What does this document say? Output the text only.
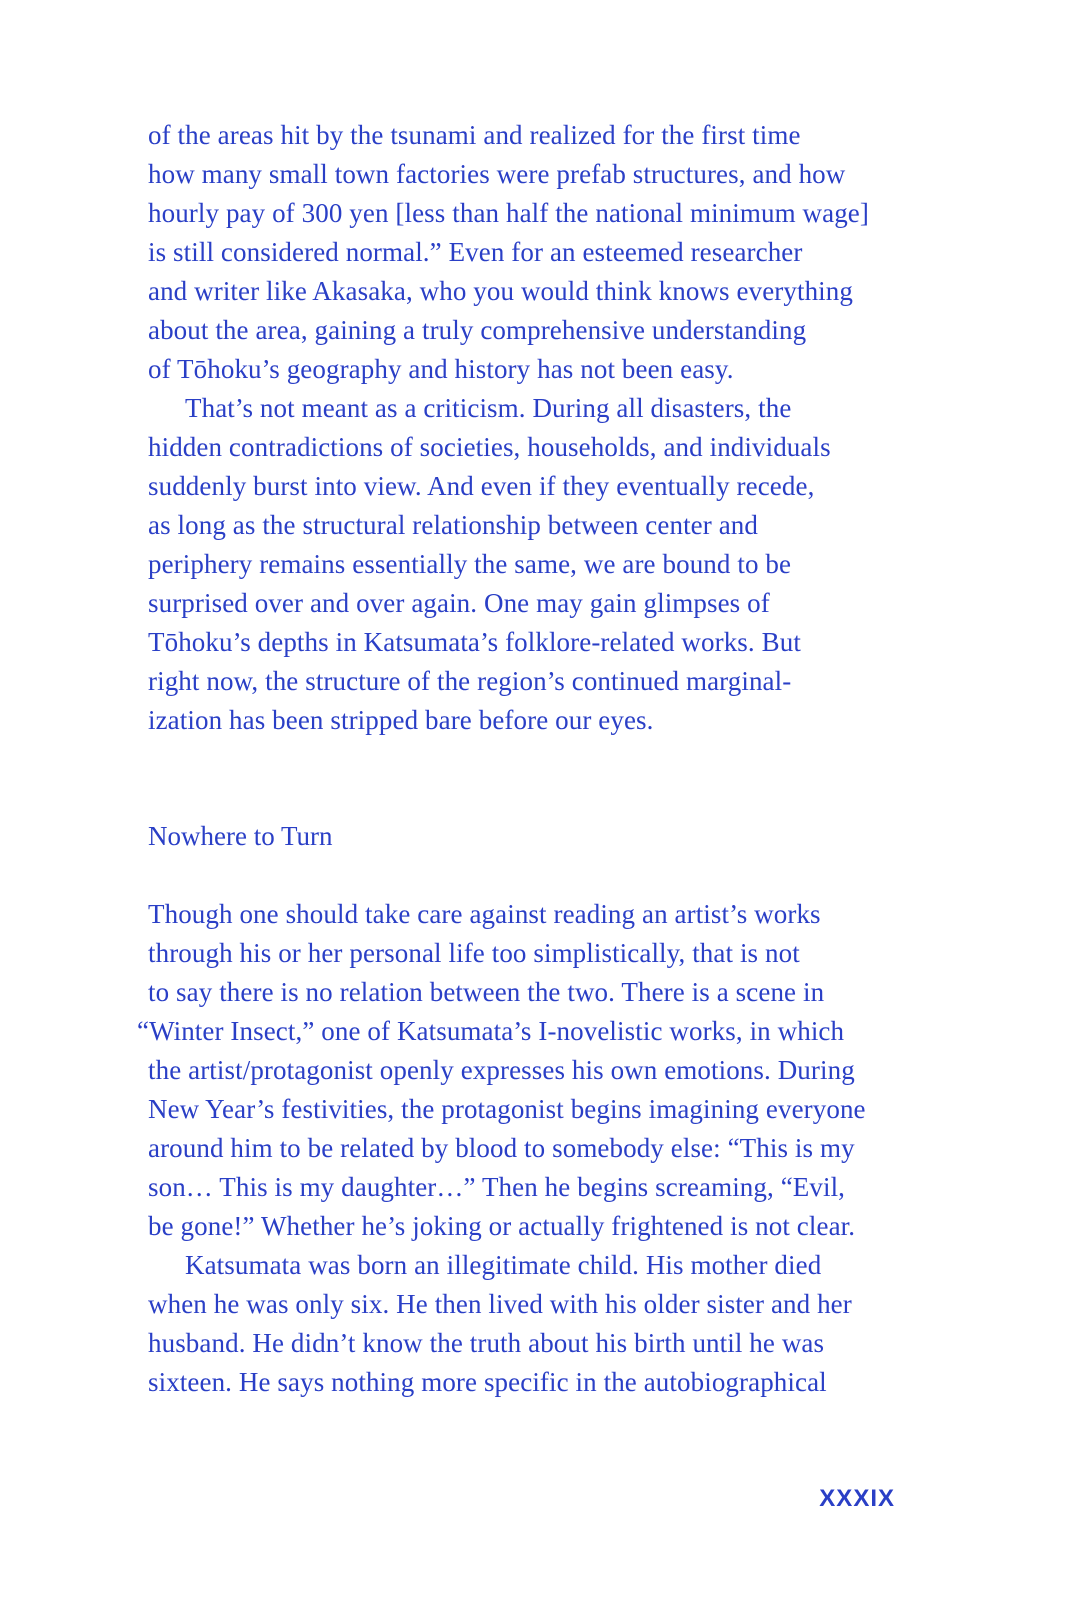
of the areas hit by the tsunami and realized for the first time
how many small town factories were prefab structures, and how
hourly pay of 300 yen [less than half the national minimum wage]
is still considered normal.” Even for an esteemed researcher
and writer like Akasaka, who you would think knows everything
about the area, gaining a truly comprehensive understanding
of Tōhoku’s geography and history has not been easy.
That’s not meant as a criticism. During all disasters, the
hidden contradictions of societies, households, and individuals
suddenly burst into view. And even if they eventually recede,
as long as the structural relationship between center and
periphery remains essentially the same, we are bound to be
surprised over and over again. One may gain glimpses of
Tōhoku’s depths in Katsumata’s folklore-related works. But
right now, the structure of the region’s continued marginal-
ization has been stripped bare before our eyes.
Nowhere to Turn
Though one should take care against reading an artist’s works
through his or her personal life too simplistically, that is not
to say there is no relation between the two. There is a scene in
“Winter Insect,” one of Katsumata’s I-novelistic works, in which
the artist/protagonist openly expresses his own emotions. During
New Year’s festivities, the protagonist begins imagining everyone
around him to be related by blood to somebody else: “This is my
son… This is my daughter…” Then he begins screaming, “Evil,
be gone!” Whether he’s joking or actually frightened is not clear.
Katsumata was born an illegitimate child. His mother died
when he was only six. He then lived with his older sister and her
husband. He didn’t know the truth about his birth until he was
sixteen. He says nothing more specific in the autobiographical
XXXIX
